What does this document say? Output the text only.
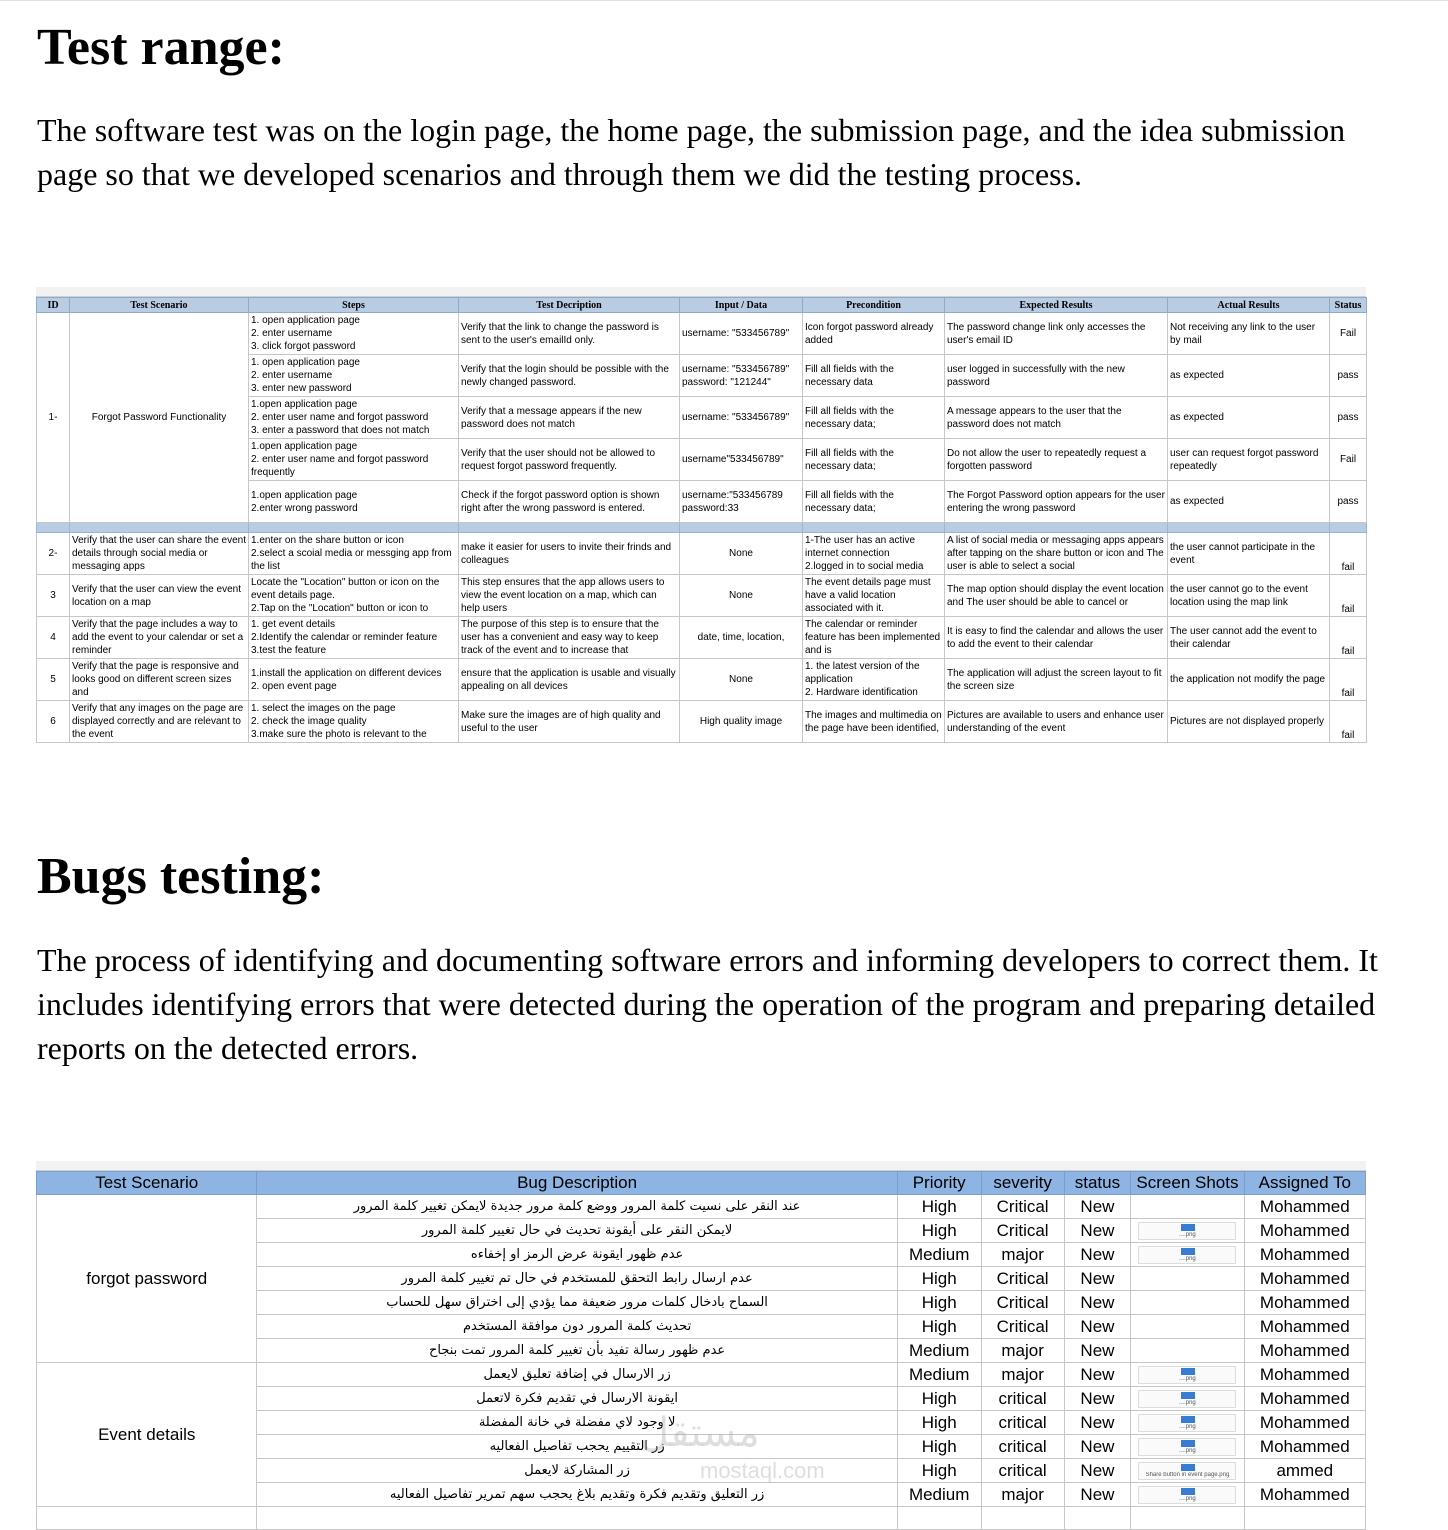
Test range:

The software test was on the login page, the home page, the submission page, and the idea submission page so that we developed scenarios and through them we did the testing process.

ID	Test Scenario	Steps	Test Decription	Input / Data	Precondition	Expected Results	Actual Results	Status
1-	Forgot Password Functionality	1. open application page
2. enter username
3. click forgot password	Verify that the link to change the password is sent to the user's emailId only.	username: "533456789"	Icon forgot password already added	The password change link only accesses the user's email ID	Not receiving any link to the user by mail	Fail
		1. open application page
2. enter username
3. enter new password	Verify that the login should be possible with the newly changed password.	username: "533456789"
password: "121244"	Fill all fields with the necessary data	user logged in successfully with the new password	as expected	pass
		1.open application page
2. enter user name and forgot password
3. enter a password that does not match	Verify that a message appears if the new password does not match	username: "533456789"	Fill all fields with the necessary data;	A message appears to the user that the password does not match	as expected	pass
		1.open application page
2. enter user name and forgot password frequently	Verify that the user should not be allowed to request forgot password frequently.	username"533456789"	Fill all fields with the necessary data;	Do not allow the user to repeatedly request a forgotten password	user can request forgot password repeatedly	Fail
		1.open application page
2.enter wrong password	Check if the forgot password option is shown right after the wrong password is entered.	username:"533456789
password:33	Fill all fields with the necessary data;	The Forgot Password option appears for the user entering the wrong password	as expected	pass

2-	Verify that the user can share the event details through social media or messaging apps	1.enter on the share button or icon
2.select a scoial media or messging app from the list	make it easier for users to invite their frinds and colleagues	None	1-The user has an active internet connection
2.logged in to social media	A list of social media or messaging apps appears after tapping on the share button or icon and The user is able to select a social	the user cannot participate in the event	fail
3	Verify that the user can view the event location on a map	Locate the "Location" button or icon on the event details page.
2.Tap on the "Location" button or icon to	This step ensures that the app allows users to view the event location on a map, which can help users	None	The event details page must have a valid location associated with it.	The map option should display the event location
and The user should be able to cancel or	the user cannot go to the event location using the map link	fail
4	Verify that the page includes a way to add the event to your calendar or set a reminder	1. get event details
2.Identify the calendar or reminder feature
3.test the feature	The purpose of this step is to ensure that the user has a convenient and easy way to keep track of the event and to increase that	date, time, location,	The calendar or reminder feature has been implemented and is	It is easy to find the calendar and allows the user to add the event to their calendar	The user cannot add the event to their calendar	fail
5	Verify that the page is responsive and looks good on different screen sizes and	1.install the application on different devices
2. open event page	ensure that the application is usable and visually appealing on all devices	None	1. the latest version of the application
2. Hardware identification	The application will adjust the screen layout to fit the screen size	the application not modify the page	fail
6	Verify that any images on the page are displayed correctly and are relevant to the event	1. select the images on the page
2. check the image quality
3.make sure the photo is relevant to the	Make sure the images are of high quality and useful to the user	High quality image	The images and multimedia on the page have been identified,	Pictures are available to users and enhance user understanding of the event	Pictures are not displayed properly	fail
Bugs testing:

The process of identifying and documenting software errors and informing developers to correct them. It includes identifying errors that were detected during the operation of the program and preparing detailed reports on the detected errors.

Test Scenario	Bug Description	Priority	severity	status	Screen Shots	Assigned To
forgot password	عند النقر على نسيت كلمة المرور ووضع كلمة مرور جديدة لايمكن تغيير كلمة المرور	High	Critical	New		Mohammed
	لايمكن النقر على أيقونة تحديث في حال تغيير كلمة المرور	High	Critical	New	....png	Mohammed
	عدم ظهور ايقونة عرض الرمز او إخفاءه	Medium	major	New	....png	Mohammed
	عدم ارسال رابط التحقق للمستخدم في حال تم تغيير كلمة المرور	High	Critical	New		Mohammed
	السماح بادخال كلمات مرور ضعيفة مما يؤدي إلى اختراق سهل للحساب	High	Critical	New		Mohammed
	تحديث كلمة المرور دون موافقة المستخدم	High	Critical	New		Mohammed
	عدم ظهور رسالة تفيد بأن تغيير كلمة المرور تمت بنجاح	Medium	major	New		Mohammed
Event details	زر الارسال في إضافة تعليق لايعمل	Medium	major	New	....png	Mohammed
	ايقونة الارسال في تقديم فكرة لاتعمل	High	critical	New	....png	Mohammed
	لا وجود لاي مفضلة في خانة المفضلة	High	critical	New	....png	Mohammed
	زر التقييم يحجب تفاصيل الفعاليه	High	critical	New	....png	Mohammed
	زر المشاركة لايعمل	High	critical	New	Share button in event page.png	ammed
	زر التعليق وتقديم فكرة وتقديم بلاغ يحجب سهم تمرير تفاصيل الفعاليه	Medium	major	New	....png	Mohammed

مستقل
mostaql.com
